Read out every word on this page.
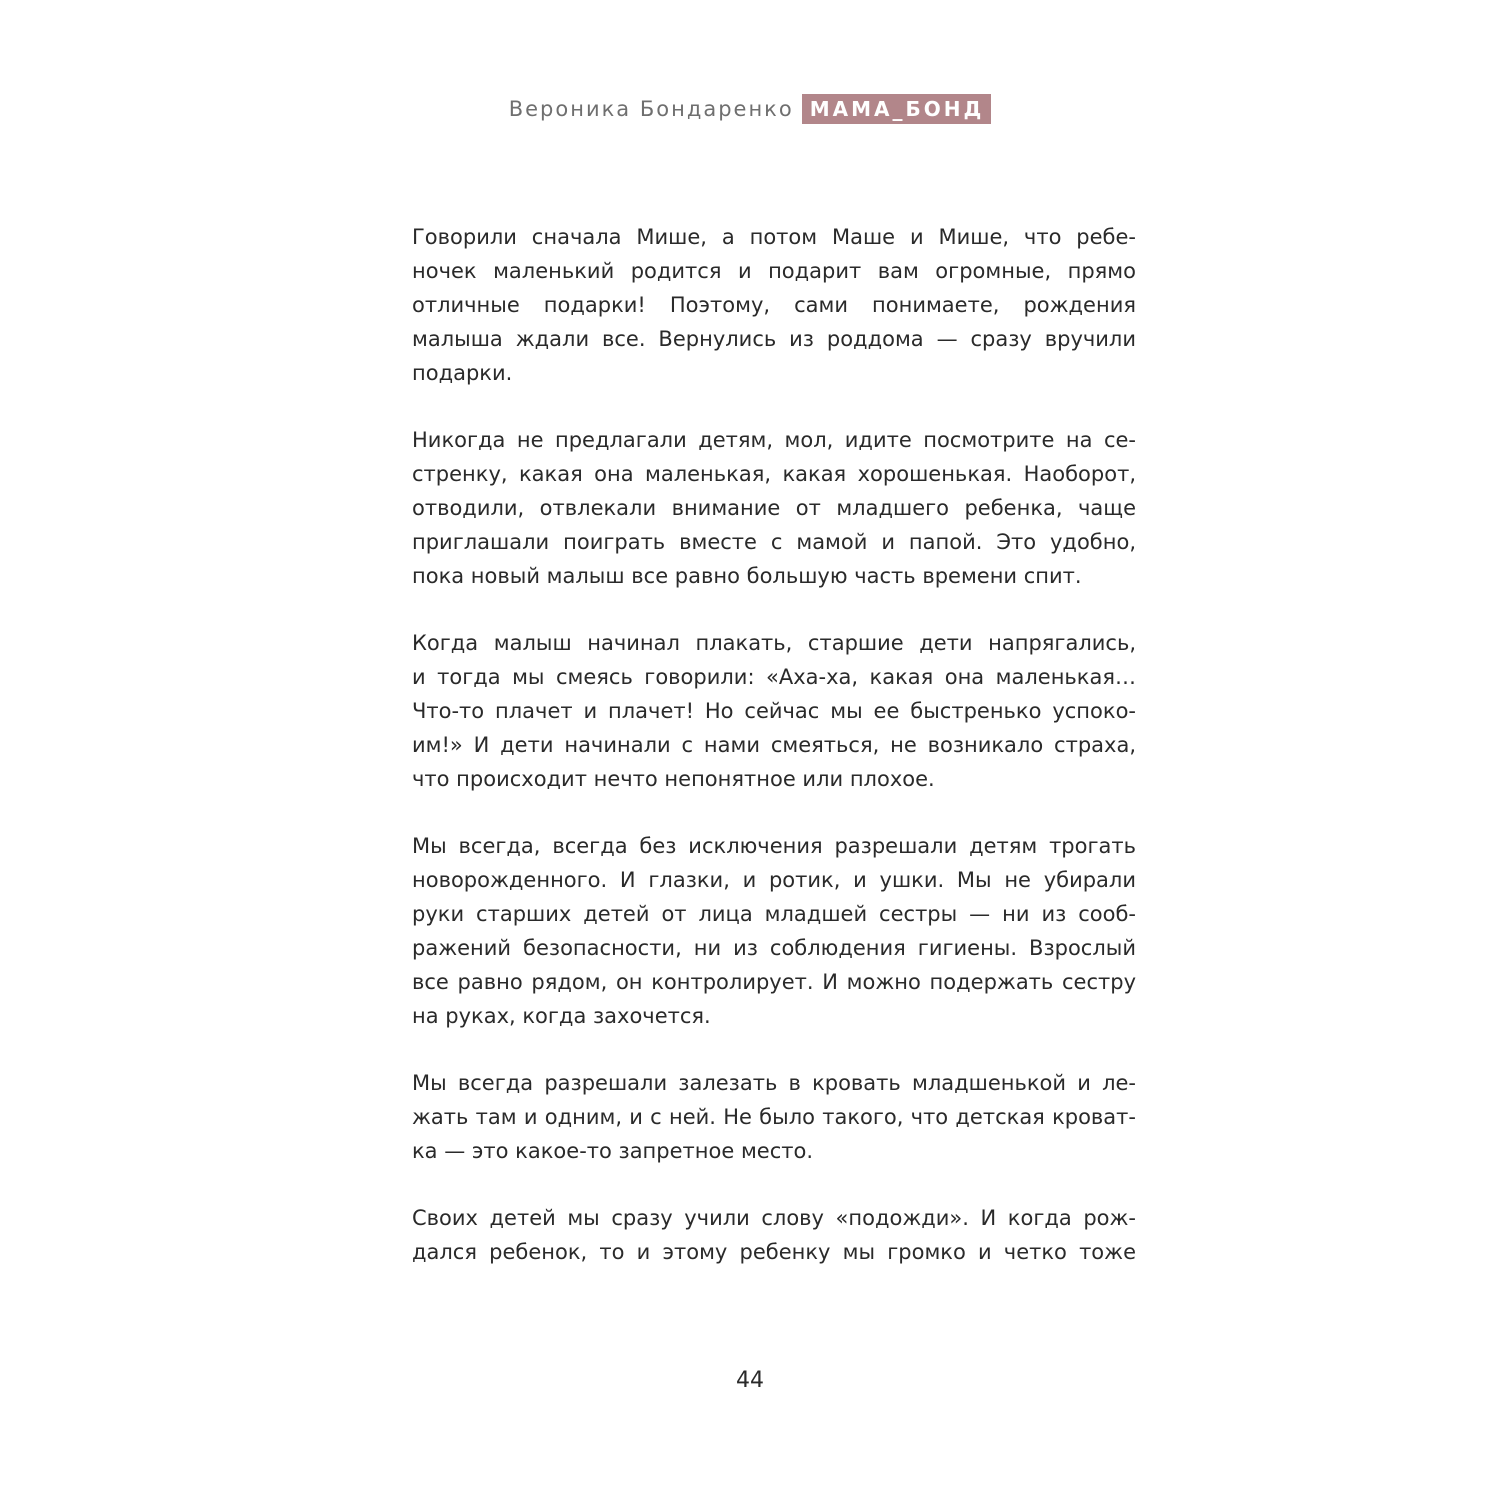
Вероника Бондаренко МАМА_БОНД
Говорили сначала Мише, а потом Маше и Мише, что ребе-
ночек маленький родится и подарит вам огромные, прямо
отличные подарки! Поэтому, сами понимаете, рождения
малыша ждали все. Вернулись из роддома — сразу вручили
подарки.
Никогда не предлагали детям, мол, идите посмотрите на се-
стренку, какая она маленькая, какая хорошенькая. Наоборот,
отводили, отвлекали внимание от младшего ребенка, чаще
приглашали поиграть вместе с мамой и папой. Это удобно,
пока новый малыш все равно большую часть времени спит.
Когда малыш начинал плакать, старшие дети напрягались,
и тогда мы смеясь говорили: «Аха-ха, какая она маленькая…
Что-то плачет и плачет! Но сейчас мы ее быстренько успоко-
им!» И дети начинали с нами смеяться, не возникало страха,
что происходит нечто непонятное или плохое.
Мы всегда, всегда без исключения разрешали детям трогать
новорожденного. И глазки, и ротик, и ушки. Мы не убирали
руки старших детей от лица младшей сестры — ни из сооб-
ражений безопасности, ни из соблюдения гигиены. Взрослый
все равно рядом, он контролирует. И можно подержать сестру
на руках, когда захочется.
Мы всегда разрешали залезать в кровать младшенькой и ле-
жать там и одним, и с ней. Не было такого, что детская кроват-
ка — это какое-то запретное место.
Своих детей мы сразу учили слову «подожди». И когда рож-
дался ребенок, то и этому ребенку мы громко и четко тоже
44
